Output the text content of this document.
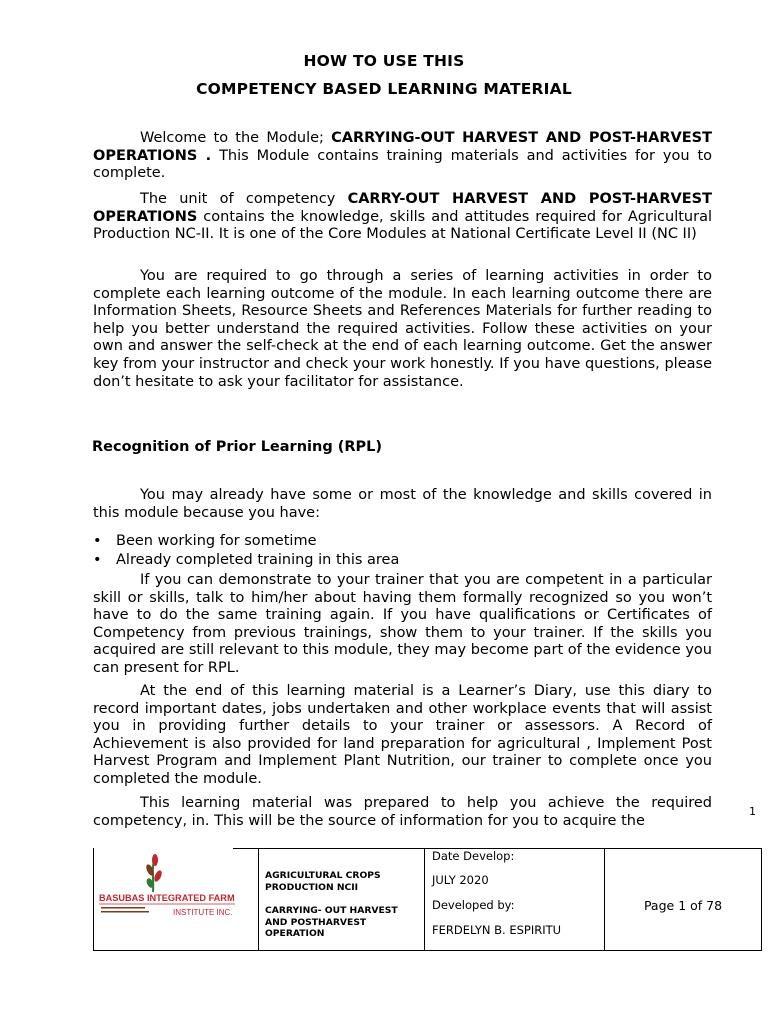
HOW TO USE THIS
COMPETENCY BASED LEARNING MATERIAL

Welcome to the Module; CARRYING-OUT HARVEST AND POST-HARVEST OPERATIONS . This Module contains training materials and activities for you to complete.

The unit of competency CARRY-OUT HARVEST AND POST-HARVEST OPERATIONS contains the knowledge, skills and attitudes required for Agricultural Production NC-II. It is one of the Core Modules at National Certificate Level II (NC II)

You are required to go through a series of learning activities in order to complete each learning outcome of the module. In each learning outcome there are Information Sheets, Resource Sheets and References Materials for further reading to help you better understand the required activities. Follow these activities on your own and answer the self-check at the end of each learning outcome. Get the answer key from your instructor and check your work honestly. If you have questions, please don’t hesitate to ask your facilitator for assistance.

Recognition of Prior Learning (RPL)

You may already have some or most of the knowledge and skills covered in this module because you have:

• Been working for sometime
• Already completed training in this area

If you can demonstrate to your trainer that you are competent in a particular skill or skills, talk to him/her about having them formally recognized so you won’t have to do the same training again. If you have qualifications or Certificates of Competency from previous trainings, show them to your trainer. If the skills you acquired are still relevant to this module, they may become part of the evidence you can present for RPL.

At the end of this learning material is a Learner’s Diary, use this diary to record important dates, jobs undertaken and other workplace events that will assist you in providing further details to your trainer or assessors. A Record of Achievement is also provided for land preparation for agricultural , Implement Post Harvest Program and Implement Plant Nutrition, our trainer to complete once you completed the module.

This learning material was prepared to help you achieve the required competency, in. This will be the source of information for you to acquire the

1
BASUBAS INTEGRATED FARM
INSTITUTE INC.
AGRICULTURAL CROPS PRODUCTION NCII
CARRYING- OUT HARVEST AND POSTHARVEST OPERATION
Date Develop:
JULY 2020
Developed by:
FERDELYN B. ESPIRITU
Page 1 of 78
